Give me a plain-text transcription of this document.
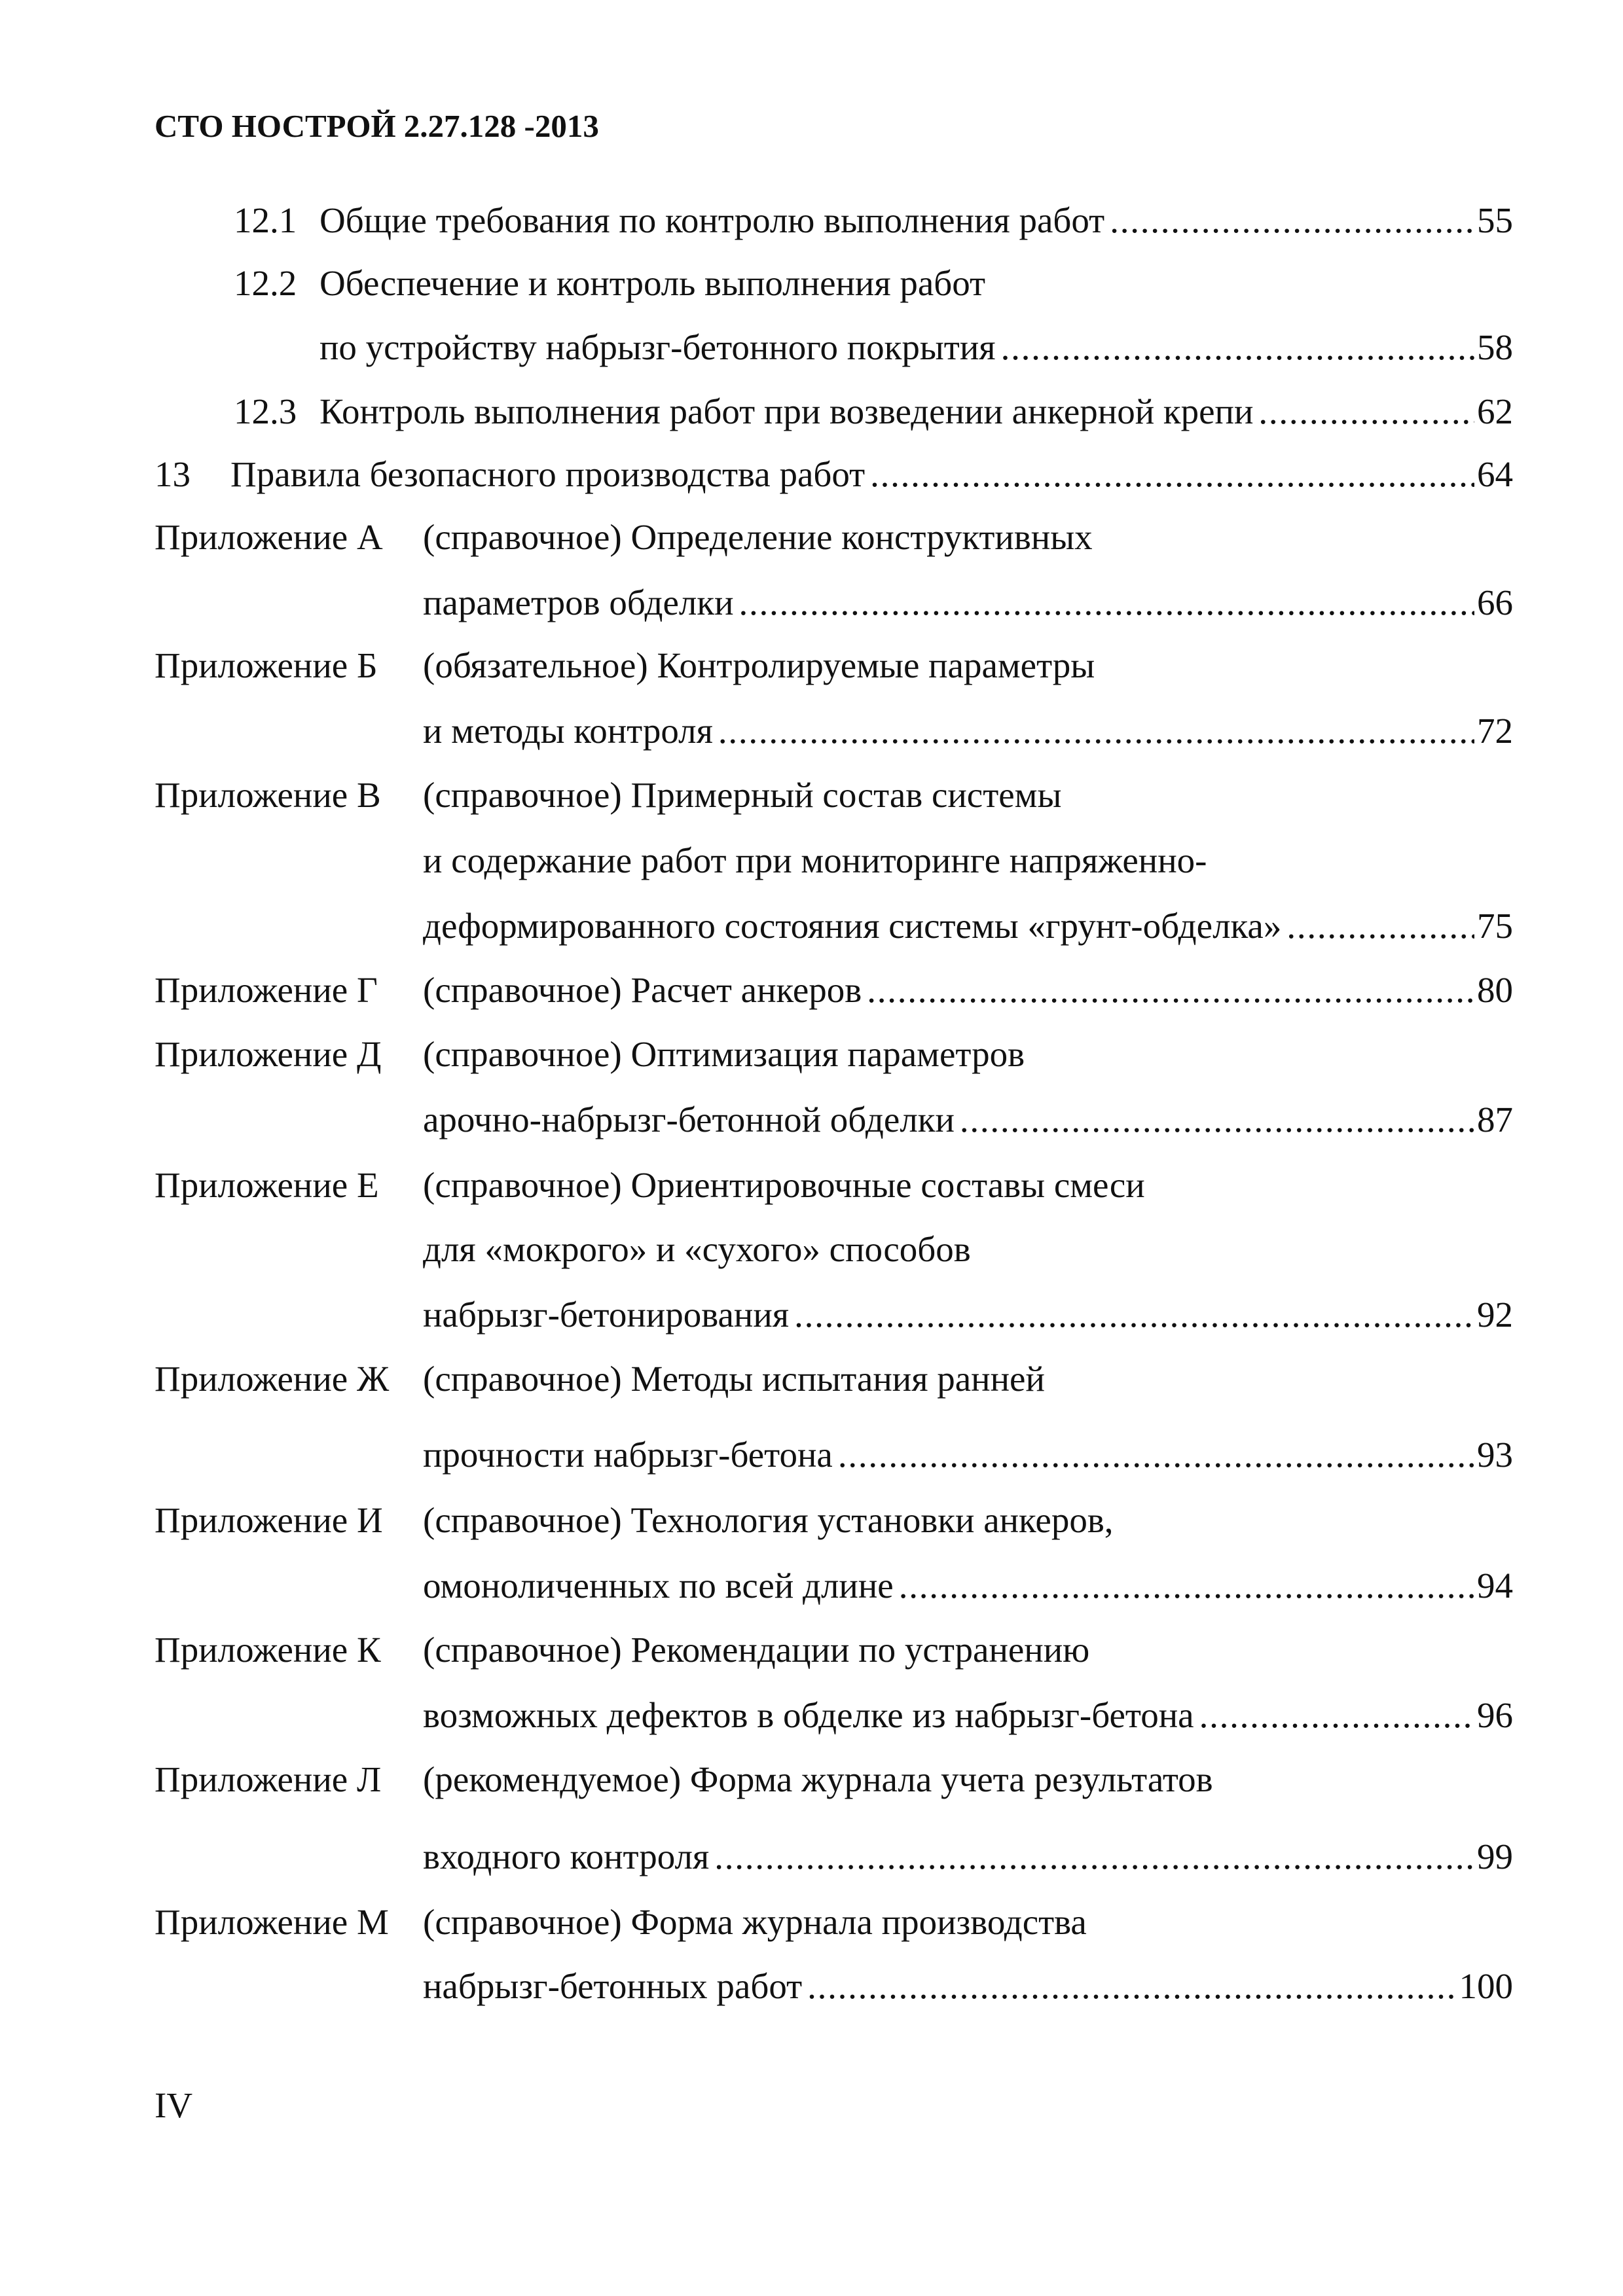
СТО НОСТРОЙ 2.27.128 -2013
12.1 Общие требования по контролю выполнения работ . . .	55
12.2 Обеспечение и контроль выполнения работ
по устройству набрызг-бетонного покрытия . . .	58
12.3 Контроль выполнения работ при возведении анкерной крепи . . .	62
13 Правила безопасного производства работ . . .	64
Приложение А (справочное) Определение конструктивных
параметров обделки . . .	66
Приложение Б (обязательное) Контролируемые параметры
и методы контроля . . .	72
Приложение В (справочное) Примерный состав системы
и содержание работ при мониторинге напряженно-
деформированного состояния системы «грунт-обделка» . . .	75
Приложение Г (справочное) Расчет анкеров . . .	80
Приложение Д (справочное) Оптимизация параметров
арочно-набрызг-бетонной обделки . . .	87
Приложение Е (справочное) Ориентировочные составы смеси
для «мокрого» и «сухого» способов
набрызг-бетонирования . . .	92
Приложение Ж (справочное) Методы испытания ранней
прочности набрызг-бетона . . .	93
Приложение И (справочное) Технология установки анкеров,
омоноличенных по всей длине . . .	94
Приложение К (справочное) Рекомендации по устранению
возможных дефектов в обделке из набрызг-бетона . . .	96
Приложение Л (рекомендуемое) Форма журнала учета результатов
входного контроля . . .	99
Приложение М (справочное) Форма журнала производства
набрызг-бетонных работ . . .	100
IV
